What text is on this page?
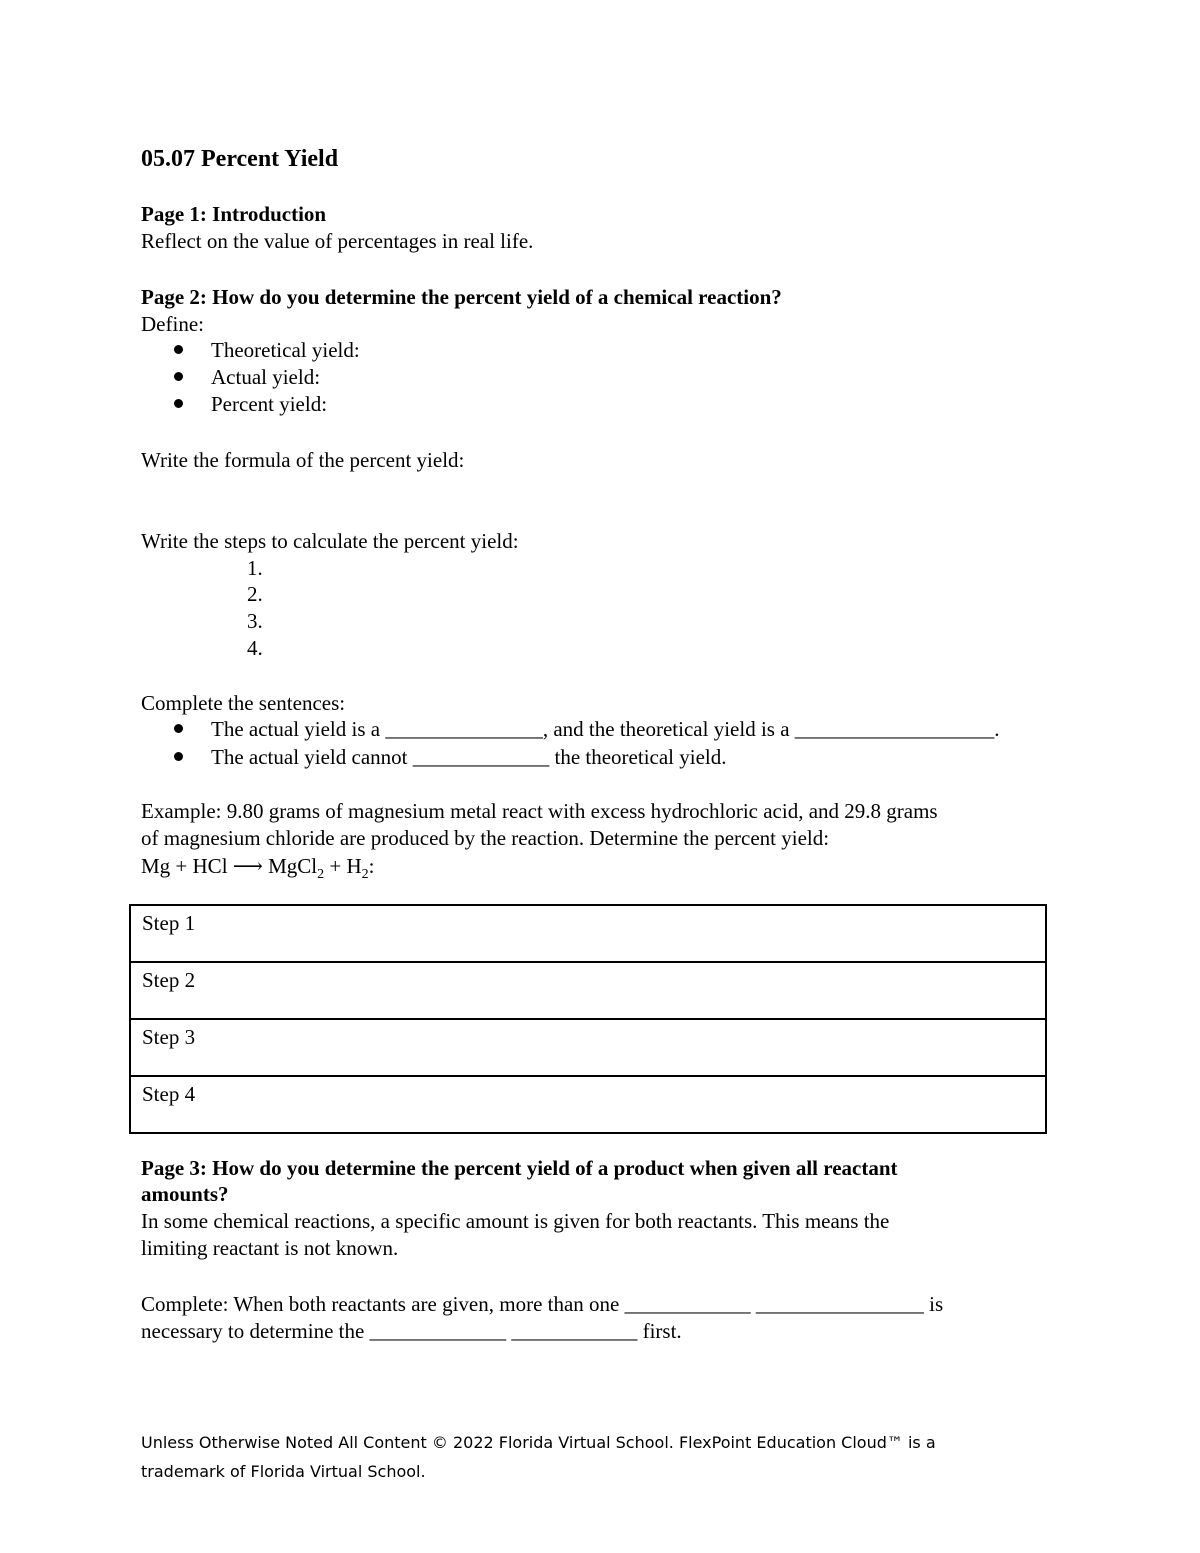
05.07 Percent Yield
Page 1: Introduction
Reflect on the value of percentages in real life.
Page 2: How do you determine the percent yield of a chemical reaction?
Define:
Theoretical yield:
Actual yield:
Percent yield:
Write the formula of the percent yield:
Write the steps to calculate the percent yield:
1.
2.
3.
4.
Complete the sentences:
The actual yield is a _______________, and the theoretical yield is a ___________________.
The actual yield cannot _____________ the theoretical yield.
Example: 9.80 grams of magnesium metal react with excess hydrochloric acid, and 29.8 grams
of magnesium chloride are produced by the reaction. Determine the percent yield:
Mg + HCl ⟶ MgCl$_2$ + $H_2$:
Step 1
Step 2
Step 3
Step 4
Page 3: How do you determine the percent yield of a product when given all reactant
amounts?
In some chemical reactions, a specific amount is given for both reactants. This means the
limiting reactant is not known.
Complete: When both reactants are given, more than one ____________ ________________ is
necessary to determine the _____________ ____________ first.
Unless Otherwise Noted All Content © 2022 Florida Virtual School. FlexPoint Education Cloud™ is a
trademark of Florida Virtual School.
